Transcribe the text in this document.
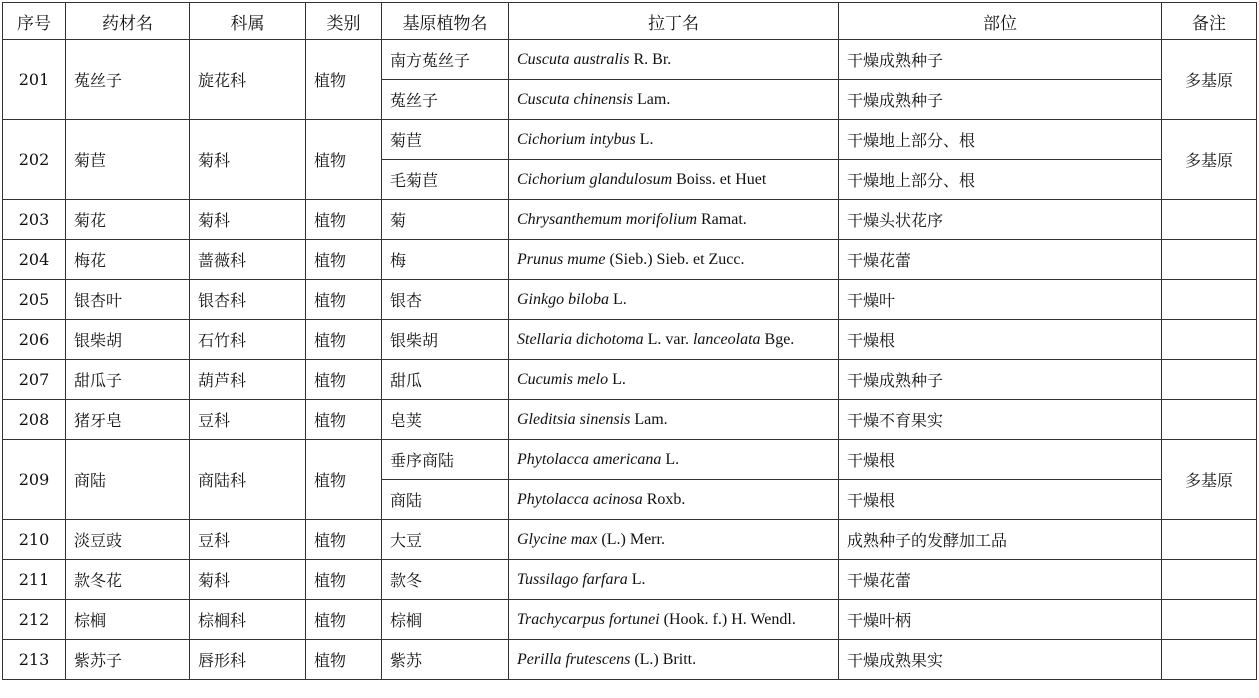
序号	药材名	科属	类别	基原植物名	拉丁名	部位	备注
201	菟丝子	旋花科	植物	南方菟丝子	Cuscuta australis R. Br.	干燥成熟种子	多基原
				菟丝子	Cuscuta chinensis Lam.	干燥成熟种子	
202	菊苣	菊科	植物	菊苣	Cichorium intybus L.	干燥地上部分、根	多基原
				毛菊苣	Cichorium glandulosum Boiss. et Huet	干燥地上部分、根	
203	菊花	菊科	植物	菊	Chrysanthemum morifolium Ramat.	干燥头状花序	
204	梅花	蔷薇科	植物	梅	Prunus mume (Sieb.) Sieb. et Zucc.	干燥花蕾	
205	银杏叶	银杏科	植物	银杏	Ginkgo biloba L.	干燥叶	
206	银柴胡	石竹科	植物	银柴胡	Stellaria dichotoma L. var. lanceolata Bge.	干燥根	
207	甜瓜子	葫芦科	植物	甜瓜	Cucumis melo L.	干燥成熟种子	
208	猪牙皂	豆科	植物	皂荚	Gleditsia sinensis Lam.	干燥不育果实	
209	商陆	商陆科	植物	垂序商陆	Phytolacca americana L.	干燥根	多基原
				商陆	Phytolacca acinosa Roxb.	干燥根	
210	淡豆豉	豆科	植物	大豆	Glycine max (L.) Merr.	成熟种子的发酵加工品	
211	款冬花	菊科	植物	款冬	Tussilago farfara L.	干燥花蕾	
212	棕榈	棕榈科	植物	棕榈	Trachycarpus fortunei (Hook. f.) H. Wendl.	干燥叶柄	
213	紫苏子	唇形科	植物	紫苏	Perilla frutescens (L.) Britt.	干燥成熟果实	
